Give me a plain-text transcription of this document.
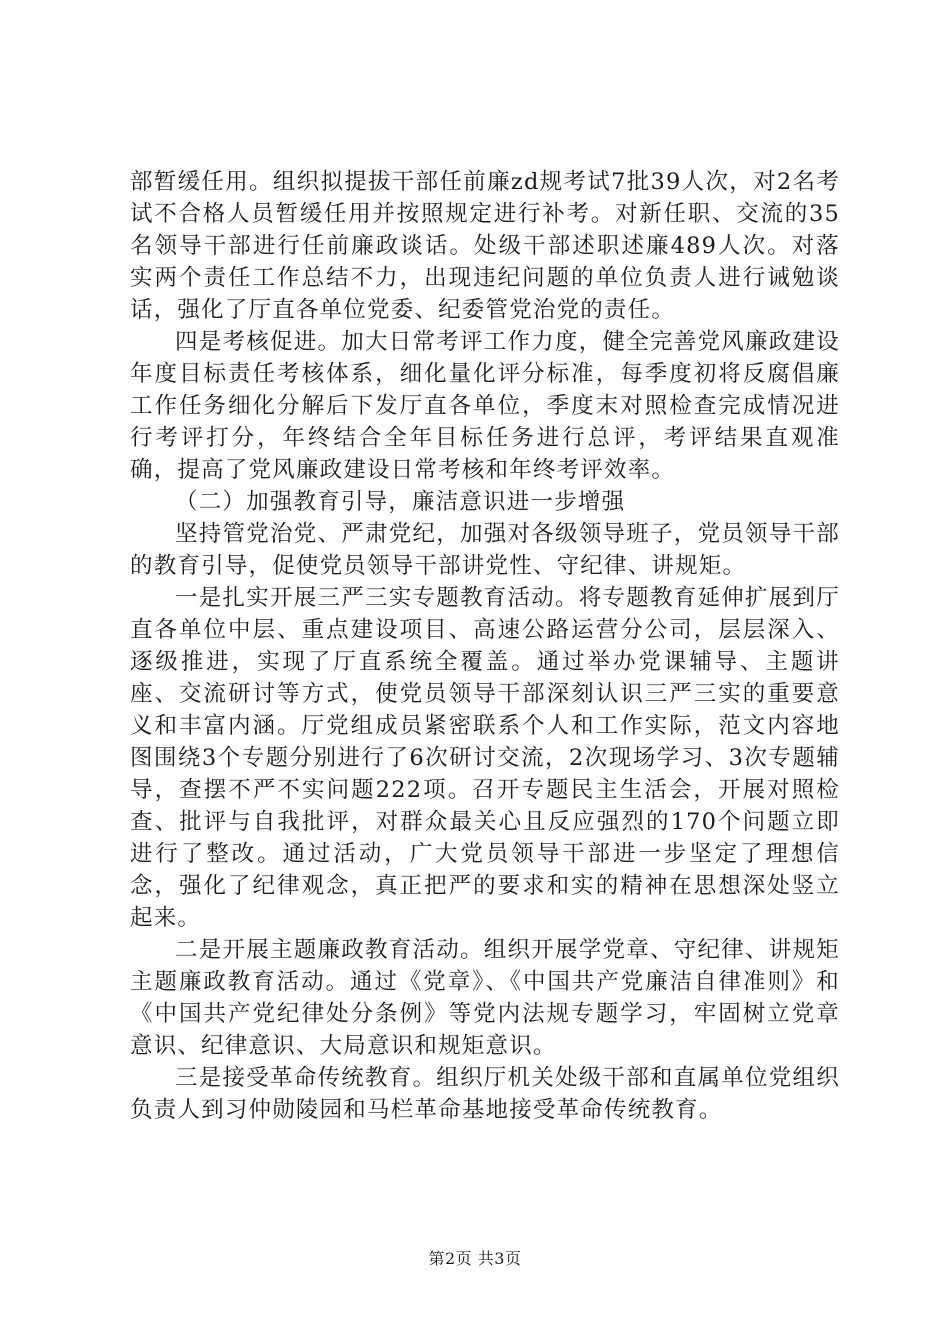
部暂缓任用。组织拟提拔干部任前廉zd规考试7批39人次，对2名考试不合格人员暂缓任用并按照规定进行补考。对新任职、交流的35名领导干部进行任前廉政谈话。处级干部述职述廉489人次。对落实两个责任工作总结不力，出现违纪问题的单位负责人进行诫勉谈话，强化了厅直各单位党委、纪委管党治党的责任。

四是考核促进。加大日常考评工作力度，健全完善党风廉政建设年度目标责任考核体系，细化量化评分标准，每季度初将反腐倡廉工作任务细化分解后下发厅直各单位，季度末对照检查完成情况进行考评打分，年终结合全年目标任务进行总评，考评结果直观准确，提高了党风廉政建设日常考核和年终考评效率。

（二）加强教育引导，廉洁意识进一步增强

坚持管党治党、严肃党纪，加强对各级领导班子，党员领导干部的教育引导，促使党员领导干部讲党性、守纪律、讲规矩。

一是扎实开展三严三实专题教育活动。将专题教育延伸扩展到厅直各单位中层、重点建设项目、高速公路运营分公司，层层深入、逐级推进，实现了厅直系统全覆盖。通过举办党课辅导、主题讲座、交流研讨等方式，使党员领导干部深刻认识三严三实的重要意义和丰富内涵。厅党组成员紧密联系个人和工作实际，范文内容地图围绕3个专题分别进行了6次研讨交流，2次现场学习、3次专题辅导，查摆不严不实问题222项。召开专题民主生活会，开展对照检查、批评与自我批评，对群众最关心且反应强烈的170个问题立即进行了整改。通过活动，广大党员领导干部进一步坚定了理想信念，强化了纪律观念，真正把严的要求和实的精神在思想深处竖立起来。

二是开展主题廉政教育活动。组织开展学党章、守纪律、讲规矩主题廉政教育活动。通过《党章》、《中国共产党廉洁自律准则》和《中国共产党纪律处分条例》等党内法规专题学习，牢固树立党章意识、纪律意识、大局意识和规矩意识。

三是接受革命传统教育。组织厅机关处级干部和直属单位党组织负责人到习仲勋陵园和马栏革命基地接受革命传统教育。

第2页 共3页
